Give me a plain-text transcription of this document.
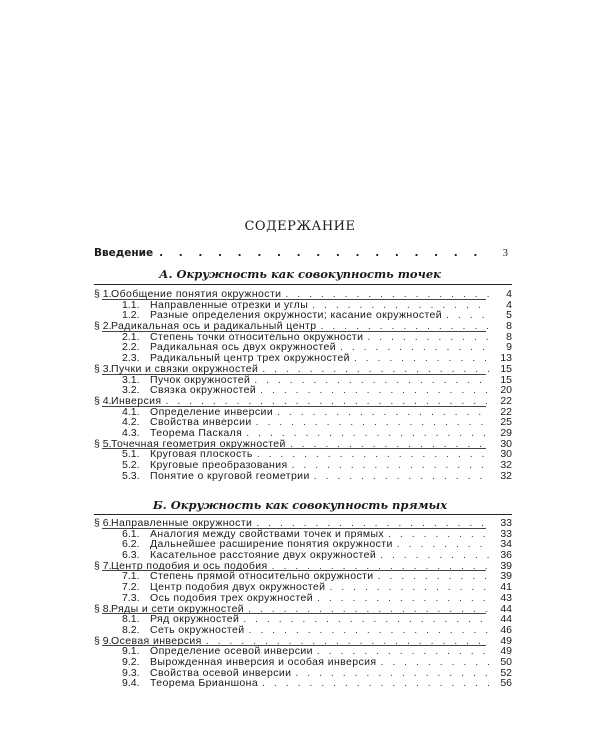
СОДЕРЖАНИЕ
Введение . . .	3
А. Окружность как совокупность точек
§ 1. Обобщение понятия окружности . . .	4
1.1. Направленные отрезки и углы . . .	4
1.2. Разные определения окружности; касание окружностей . . .	5
§ 2. Радикальная ось и радикальный центр . . .	8
2.1. Степень точки относительно окружности . . .	8
2.2. Радикальная ось двух окружностей . . .	9
2.3. Радикальный центр трех окружностей . . .	13
§ 3. Пучки и связки окружностей . . .	15
3.1. Пучок окружностей . . .	15
3.2. Связка окружностей . . .	20
§ 4. Инверсия . . .	22
4.1. Определение инверсии . . .	22
4.2. Свойства инверсии . . .	25
4.3. Теорема Паскаля . . .	29
§ 5. Точечная геометрия окружностей . . .	30
5.1. Круговая плоскость . . .	30
5.2. Круговые преобразования . . .	32
5.3. Понятие о круговой геометрии . . .	32
Б. Окружность как совокупность прямых
§ 6. Направленные окружности . . .	33
6.1. Аналогия между свойствами точек и прямых . . .	33
6.2. Дальнейшее расширение понятия окружности . . .	34
6.3. Касательное расстояние двух окружностей . . .	36
§ 7. Центр подобия и ось подобия . . .	39
7.1. Степень прямой относительно окружности . . .	39
7.2. Центр подобия двух окружностей . . .	41
7.3. Ось подобия трех окружностей . . .	43
§ 8. Ряды и сети окружностей . . .	44
8.1. Ряд окружностей . . .	44
8.2. Сеть окружностей . . .	46
§ 9. Осевая инверсия . . .	49
9.1. Определение осевой инверсии . . .	49
9.2. Вырожденная инверсия и особая инверсия . . .	50
9.3. Свойства осевой инверсии . . .	52
9.4. Теорема Брианшона . . .	56
